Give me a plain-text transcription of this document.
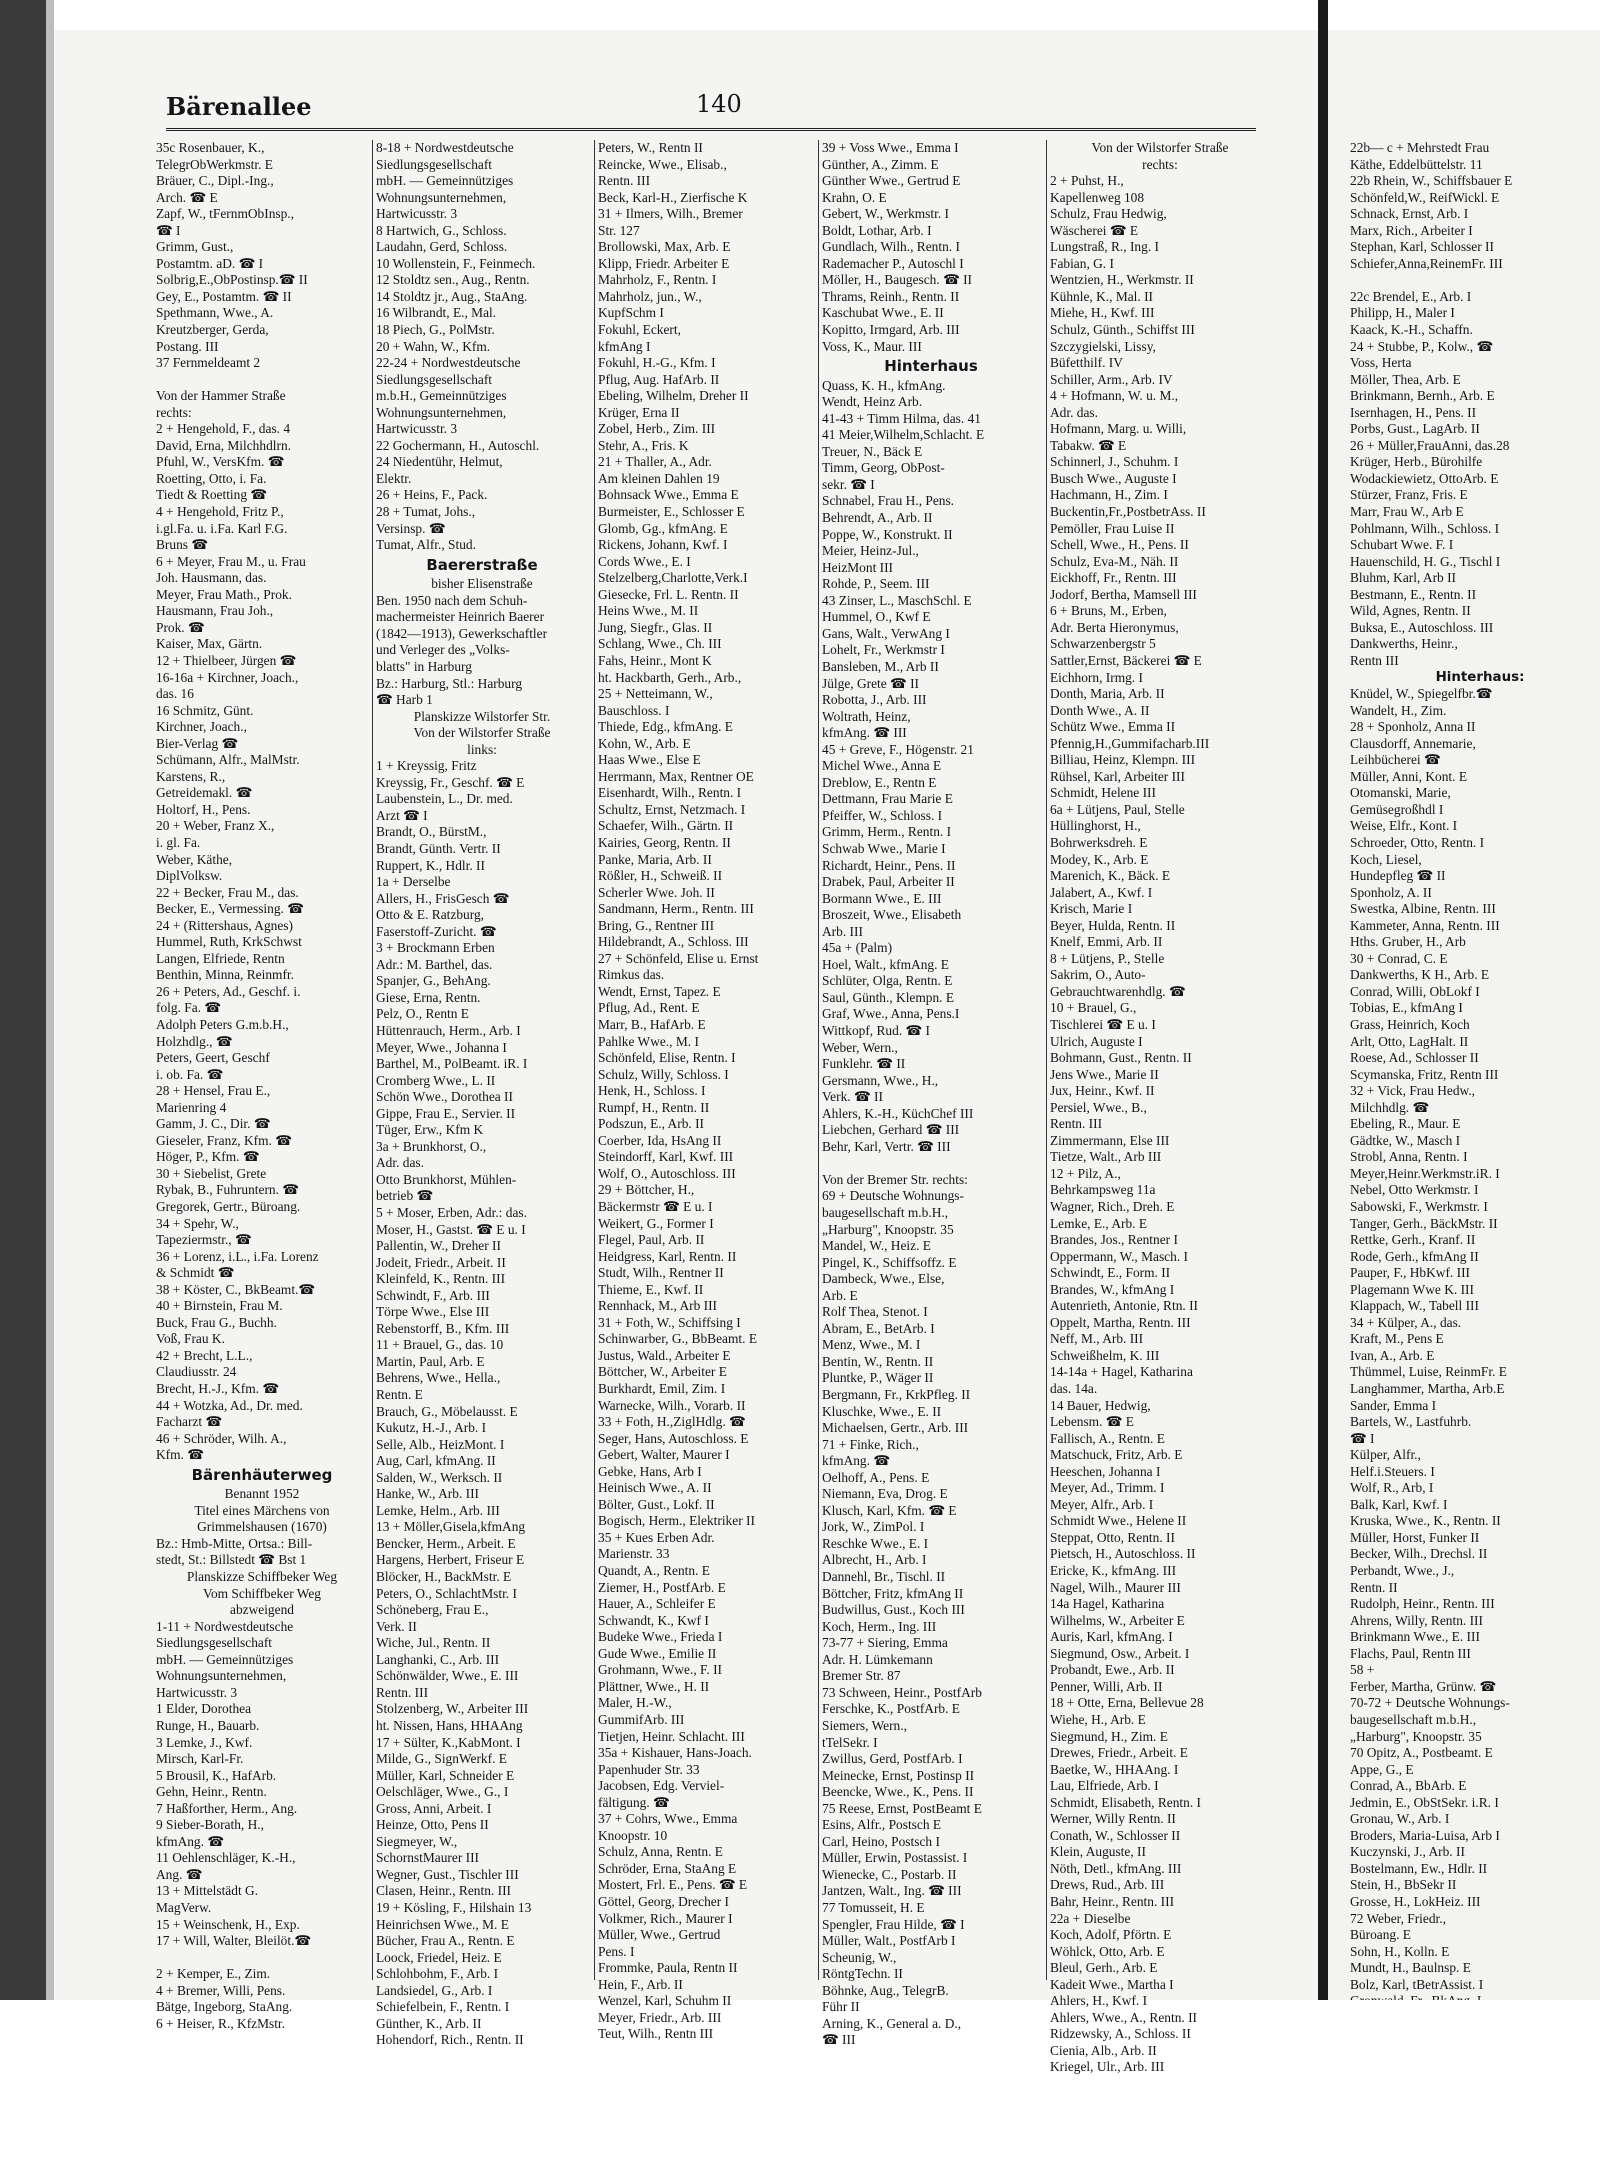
22b— c + Mehrstedt Frau
Käthe, Eddelbüttelstr. 11
22b Rhein, W., Schiffsbauer E
Schönfeld,W., ReifWickl. E
Schnack, Ernst, Arb. I
Marx, Rich., Arbeiter I
Stephan, Karl, Schlosser II
Schiefer,Anna,ReinemFr. III

22c Brendel, E., Arb. I
Philipp, H., Maler I
Kaack, K.-H., Schaffn.
24 + Stubbe, P., Kolw., ☎
Voss, Herta
Möller, Thea, Arb. E
Brinkmann, Bernh., Arb. E
Isernhagen, H., Pens. II
Porbs, Gust., LagArb. II
26 + Müller,FrauAnni, das.28
Krüger, Herb., Bürohilfe
Wodackiewietz, OttoArb. E
Stürzer, Franz, Fris. E
Marr, Frau W., Arb E
Pohlmann, Wilh., Schloss. I
Schubart Wwe. F. I
Hauenschild, H. G., Tischl I
Bluhm, Karl, Arb II
Bestmann, E., Rentn. II
Wild, Agnes, Rentn. II
Buksa, E., Autoschloss. III
Dankwerths, Heinr.,
Rentn III
Hinterhaus:
Knüdel, W., Spiegelfbr.☎
Wandelt, H., Zim.
28 + Sponholz, Anna II
Clausdorff, Annemarie,
Leihbücherei ☎
Müller, Anni, Kont. E
Otomanski, Marie,
Gemüsegroßhdl I
Weise, Elfr., Kont. I
Schroeder, Otto, Rentn. I
Koch, Liesel,
Hundepfleg ☎ II
Sponholz, A. II
Swestka, Albine, Rentn. III
Kammeter, Anna, Rentn. III
Hths. Gruber, H., Arb
30 + Conrad, C. E
Dankwerths, K H., Arb. E
Conrad, Willi, ObLokf I
Tobias, E., kfmAng I
Grass, Heinrich, Koch
Arlt, Otto, LagHalt. II
Roese, Ad., Schlosser II
Scymanska, Fritz, Rentn III
32 + Vick, Frau Hedw.,
Milchhdlg. ☎
Ebeling, R., Maur. E
Gädtke, W., Masch I
Strobl, Anna, Rentn. I
Meyer,Heinr.Werkmstr.iR. I
Nebel, Otto Werkmstr. I
Sabowski, F., Werkmstr. I
Tanger, Gerh., BäckMstr. II
Rettke, Gerh., Kranf. II
Rode, Gerh., kfmAng II
Pauper, F., HbKwf. III
Plagemann Wwe K. III
Klappach, W., Tabell III
34 + Külper, A., das.
Kraft, M., Pens E
Ivan, A., Arb. E
Thümmel, Luise, ReinmFr. E
Langhammer, Martha, Arb.E
Sander, Emma I
Bartels, W., Lastfuhrb.
☎ I
Külper, Alfr.,
Helf.i.Steuers. I
Wolf, R., Arb, I
Balk, Karl, Kwf. I
Kruska, Wwe., K., Rentn. II
Müller, Horst, Funker II
Becker, Wilh., Drechsl. II
Perbandt, Wwe., J.,
Rentn. II
Rudolph, Heinr., Rentn. III
Ahrens, Willy, Rentn. III
Brinkmann Wwe., E. III
Flachs, Paul, Rentn III
58 +
Ferber, Martha, Grünw. ☎
70-72 + Deutsche Wohnungs-
baugesellschaft m.b.H.,
„Harburg", Knoopstr. 35
70 Opitz, A., Postbeamt. E
Appe, G., E
Conrad, A., BbArb. E
Jedmin, E., ObStSekr. i.R. I
Gronau, W., Arb. I
Broders, Maria-Luisa, Arb I
Kuczynski, J., Arb. II
Bostelmann, Ew., Hdlr. II
Stein, H., BbSekr II
Grosse, H., LokHeiz. III
72 Weber, Friedr.,
Büroang. E
Sohn, H., Kolln. E
Mundt, H., Baulnsp. E
Bolz, Karl, tBetrAssist. I
Bärenallee	140
35c Rosenbauer, K.,
TelegrObWerkmstr. E
Bräuer, C., Dipl.-Ing.,
Arch. ☎ E
Zapf, W., tFernmObInsp.,
☎ I
Grimm, Gust.,
Postamtm. aD. ☎ I
Solbrig,E.,ObPostinsp.☎ II
Gey, E., Postamtm. ☎ II
Spethmann, Wwe., A.
Kreutzberger, Gerda,
Postang. III
37 Fernmeldeamt 2

Von der Hammer Straße
rechts:
2 + Hengehold, F., das. 4
David, Erna, Milchhdlrn.
Pfuhl, W., VersKfm. ☎
Roetting, Otto, i. Fa.
Tiedt & Roetting ☎
4 + Hengehold, Fritz P.,
i.gl.Fa. u. i.Fa. Karl F.G.
Bruns ☎
6 + Meyer, Frau M., u. Frau
Joh. Hausmann, das.
Meyer, Frau Math., Prok.
Hausmann, Frau Joh.,
Prok. ☎
Kaiser, Max, Gärtn.
12 + Thielbeer, Jürgen ☎
16-16a + Kirchner, Joach.,
das. 16
16 Schmitz, Günt.
Kirchner, Joach.,
Bier-Verlag ☎
Schümann, Alfr., MalMstr.
Karstens, R.,
Getreidemakl. ☎
Holtorf, H., Pens.
20 + Weber, Franz X.,
i. gl. Fa.
Weber, Käthe,
DiplVolksw.
22 + Becker, Frau M., das.
Becker, E., Vermessing. ☎
24 + (Rittershaus, Agnes)
Hummel, Ruth, KrkSchwst
Langen, Elfriede, Rentn
Benthin, Minna, Reinmfr.
26 + Peters, Ad., Geschf. i.
folg. Fa. ☎
Adolph Peters G.m.b.H.,
Holzhdlg., ☎
Peters, Geert, Geschf
i. ob. Fa. ☎
28 + Hensel, Frau E.,
Marienring 4
Gamm, J. C., Dir. ☎
Gieseler, Franz, Kfm. ☎
Höger, P., Kfm. ☎
30 + Siebelist, Grete
Rybak, B., Fuhruntern. ☎
Gregorek, Gertr., Büroang.
34 + Spehr, W.,
Tapeziermstr., ☎
36 + Lorenz, i.L., i.Fa. Lorenz
& Schmidt ☎
38 + Köster, C., BkBeamt.☎
40 + Birnstein, Frau M.
Buck, Frau G., Buchh.
Voß, Frau K.
42 + Brecht, L.L.,
Claudiusstr. 24
Brecht, H.-J., Kfm. ☎
44 + Wotzka, Ad., Dr. med.
Facharzt ☎
46 + Schröder, Wilh. A.,
Kfm. ☎
Bärenhäuterweg
Benannt 1952
Titel eines Märchens von
Grimmelshausen (1670)
Bz.: Hmb-Mitte, Ortsa.: Bill-
stedt, St.: Billstedt ☎ Bst 1
Planskizze Schiffbeker Weg
Vom Schiffbeker Weg
abzweigend
1-11 + Nordwestdeutsche
Siedlungsgesellschaft
mbH. — Gemeinnütziges
Wohnungsunternehmen,
Hartwicusstr. 3
1 Elder, Dorothea
Runge, H., Bauarb.
3 Lemke, J., Kwf.
Mirsch, Karl-Fr.
5 Brousil, K., HafArb.
Gehn, Heinr., Rentn.
7 Haßforther, Herm., Ang.
9 Sieber-Borath, H.,
kfmAng. ☎
11 Oehlenschläger, K.-H.,
Ang. ☎
13 + Mittelstädt G.
MagVerw.
15 + Weinschenk, H., Exp.
17 + Will, Walter, Bleilöt.☎

2 + Kemper, E., Zim.
4 + Bremer, Willi, Pens.
Bätge, Ingeborg, StaAng.
6 + Heiser, R., KfzMstr.
8-18 + Nordwestdeutsche
Siedlungsgesellschaft
mbH. — Gemeinnütziges
Wohnungsunternehmen,
Hartwicusstr. 3
8 Hartwich, G., Schloss.
Laudahn, Gerd, Schloss.
10 Wollenstein, F., Feinmech.
12 Stoldtz sen., Aug., Rentn.
14 Stoldtz jr., Aug., StaAng.
16 Wilbrandt, E., Mal.
18 Piech, G., PolMstr.
20 + Wahn, W., Kfm.
22-24 + Nordwestdeutsche
Siedlungsgesellschaft
m.b.H., Gemeinnütziges
Wohnungsunternehmen,
Hartwicusstr. 3
22 Gochermann, H., Autoschl.
24 Niedentühr, Helmut,
Elektr.
26 + Heins, F., Pack.
28 + Tumat, Johs.,
Versinsp. ☎
Tumat, Alfr., Stud.
Baererstraße
bisher Elisenstraße
Ben. 1950 nach dem Schuh-
machermeister Heinrich Baerer
(1842—1913), Gewerkschaftler
und Verleger des „Volks-
blatts" in Harburg
Bz.: Harburg, Stl.: Harburg
☎ Harb 1
Planskizze Wilstorfer Str.
Von der Wilstorfer Straße
links:
1 + Kreyssig, Fritz
Kreyssig, Fr., Geschf. ☎ E
Laubenstein, L., Dr. med.
Arzt ☎ I
Brandt, O., BürstM.,
Brandt, Günth. Vertr. II
Ruppert, K., Hdlr. II
1a + Derselbe
Allers, H., FrisGesch ☎
Otto & E. Ratzburg,
Faserstoff-Zuricht. ☎
3 + Brockmann Erben
Adr.: M. Barthel, das.
Spanjer, G., BehAng.
Giese, Erna, Rentn.
Pelz, O., Rentn E
Hüttenrauch, Herm., Arb. I
Meyer, Wwe., Johanna I
Barthel, M., PolBeamt. iR. I
Cromberg Wwe., L. II
Schön Wwe., Dorothea II
Gippe, Frau E., Servier. II
Tüger, Erw., Kfm K
3a + Brunkhorst, O.,
Adr. das.
Otto Brunkhorst, Mühlen-
betrieb ☎
5 + Moser, Erben, Adr.: das.
Moser, H., Gastst. ☎ E u. I
Pallentin, W., Dreher II
Jodeit, Friedr., Arbeit. II
Kleinfeld, K., Rentn. III
Schwindt, F., Arb. III
Törpe Wwe., Else III
Rebenstorff, B., Kfm. III
11 + Brauel, G., das. 10
Martin, Paul, Arb. E
Behrens, Wwe., Hella.,
Rentn. E
Brauch, G., Möbelausst. E
Kukutz, H.-J., Arb. I
Selle, Alb., HeizMont. I
Aug, Carl, kfmAng. II
Salden, W., Werksch. II
Hanke, W., Arb. III
Lemke, Helm., Arb. III
13 + Möller,Gisela,kfmAng
Bencker, Herm., Arbeit. E
Hargens, Herbert, Friseur E
Blöcker, H., BackMstr. E
Peters, O., SchlachtMstr. I
Schöneberg, Frau E.,
Verk. II
Wiche, Jul., Rentn. II
Langhanki, C., Arb. III
Schönwälder, Wwe., E. III
Rentn. III
Stolzenberg, W., Arbeiter III
ht. Nissen, Hans, HHAAng
17 + Sülter, K.,KabMont. I
Milde, G., SignWerkf. E
Müller, Karl, Schneider E
Oelschläger, Wwe., G., I
Gross, Anni, Arbeit. I
Heinze, Otto, Pens II
Siegmeyer, W.,
SchornstMaurer III
Wegner, Gust., Tischler III
Clasen, Heinr., Rentn. III
19 + Kösling, F., Hilshain 13
Heinrichsen Wwe., M. E
Bücher, Frau A., Rentn. E
Loock, Friedel, Heiz. E
Schlohbohm, F., Arb. I
Landsiedel, G., Arb. I
Schiefelbein, F., Rentn. I
Günther, K., Arb. II
Hohendorf, Rich., Rentn. II
Peters, W., Rentn II
Reincke, Wwe., Elisab.,
Rentn. III
Beck, Karl-H., Zierfische K
31 + Ilmers, Wilh., Bremer
Str. 127
Brollowski, Max, Arb. E
Klipp, Friedr. Arbeiter E
Mahrholz, F., Rentn. I
Mahrholz, jun., W.,
KupfSchm I
Fokuhl, Eckert,
kfmAng I
Fokuhl, H.-G., Kfm. I
Pflug, Aug. HafArb. II
Ebeling, Wilhelm, Dreher II
Krüger, Erna II
Zobel, Herb., Zim. III
Stehr, A., Fris. K
21 + Thaller, A., Adr.
Am kleinen Dahlen 19
Bohnsack Wwe., Emma E
Burmeister, E., Schlosser E
Glomb, Gg., kfmAng. E
Rickens, Johann, Kwf. I
Cords Wwe., E. I
Stelzelberg,Charlotte,Verk.I
Giesecke, Frl. L. Rentn. II
Heins Wwe., M. II
Jung, Siegfr., Glas. II
Schlang, Wwe., Ch. III
Fahs, Heinr., Mont K
ht. Hackbarth, Gerh., Arb.,
25 + Netteimann, W.,
Bauschloss. I
Thiede, Edg., kfmAng. E
Kohn, W., Arb. E
Haas Wwe., Else E
Herrmann, Max, Rentner OE
Eisenhardt, Wilh., Rentn. I
Schultz, Ernst, Netzmach. I
Schaefer, Wilh., Gärtn. II
Kairies, Georg, Rentn. II
Panke, Maria, Arb. II
Rößler, H., Schweiß. II
Scherler Wwe. Joh. II
Sandmann, Herm., Rentn. III
Bring, G., Rentner III
Hildebrandt, A., Schloss. III
27 + Schönfeld, Elise u. Ernst
Rimkus das.
Wendt, Ernst, Tapez. E
Pflug, Ad., Rent. E
Marr, B., HafArb. E
Pahlke Wwe., M. I
Schönfeld, Elise, Rentn. I
Schulz, Willy, Schloss. I
Henk, H., Schloss. I
Rumpf, H., Rentn. II
Podszun, E., Arb. II
Coerber, Ida, HsAng II
Steindorff, Karl, Kwf. III
Wolf, O., Autoschloss. III
29 + Böttcher, H.,
Bäckermstr ☎ E u. I
Weikert, G., Former I
Flegel, Paul, Arb. II
Heidgress, Karl, Rentn. II
Studt, Wilh., Rentner II
Thieme, E., Kwf. II
Rennhack, M., Arb III
31 + Foth, W., Schiffsing I
Schinwarber, G., BbBeamt. E
Justus, Wald., Arbeiter E
Böttcher, W., Arbeiter E
Burkhardt, Emil, Zim. I
Warnecke, Wilh., Vorarb. II
33 + Foth, H.,ZiglHdlg. ☎
Seger, Hans, Autoschloss. E
Gebert, Walter, Maurer I
Gebke, Hans, Arb I
Heinisch Wwe., A. II
Bölter, Gust., Lokf. II
Bogisch, Herm., Elektriker II
35 + Kues Erben Adr.
Marienstr. 33
Quandt, A., Rentn. E
Ziemer, H., PostfArb. E
Hauer, A., Schleifer E
Schwandt, K., Kwf I
Budeke Wwe., Frieda I
Gude Wwe., Emilie II
Grohmann, Wwe., F. II
Plättner, Wwe., H. II
Maler, H.-W.,
GummifArb. III
Tietjen, Heinr. Schlacht. III
35a + Kishauer, Hans-Joach.
Papenhuder Str. 33
Jacobsen, Edg. Verviel-
fältigung. ☎
37 + Cohrs, Wwe., Emma
Knoopstr. 10
Schulz, Anna, Rentn. E
Schröder, Erna, StaAng E
Mostert, Frl. E., Pens. ☎ E
Göttel, Georg, Drecher I
Volkmer, Rich., Maurer I
Müller, Wwe., Gertrud
Pens. I
Frommke, Paula, Rentn II
Hein, F., Arb. II
Wenzel, Karl, Schuhm II
Meyer, Friedr., Arb. III
Teut, Wilh., Rentn III
39 + Voss Wwe., Emma I
Günther, A., Zimm. E
Günther Wwe., Gertrud E
Krahn, O. E
Gebert, W., Werkmstr. I
Boldt, Lothar, Arb. I
Gundlach, Wilh., Rentn. I
Rademacher P., Autoschl I
Möller, H., Baugesch. ☎ II
Thrams, Reinh., Rentn. II
Kaschubat Wwe., E. II
Kopitto, Irmgard, Arb. III
Voss, K., Maur. III
Hinterhaus
Quass, K. H., kfmAng.
Wendt, Heinz Arb.
41-43 + Timm Hilma, das. 41
41 Meier,Wilhelm,Schlacht. E
Treuer, N., Bäck E
Timm, Georg, ObPost-
sekr. ☎ I
Schnabel, Frau H., Pens.
Behrendt, A., Arb. II
Poppe, W., Konstrukt. II
Meier, Heinz-Jul.,
HeizMont III
Rohde, P., Seem. III
43 Zinser, L., MaschSchl. E
Hummel, O., Kwf E
Gans, Walt., VerwAng I
Lohelt, Fr., Werkmstr I
Bansleben, M., Arb II
Jülge, Grete ☎ II
Robotta, J., Arb. III
Woltrath, Heinz,
kfmAng. ☎ III
45 + Greve, F., Högenstr. 21
Michel Wwe., Anna E
Dreblow, E., Rentn E
Dettmann, Frau Marie E
Pfeiffer, W., Schloss. I
Grimm, Herm., Rentn. I
Schwab Wwe., Marie I
Richardt, Heinr., Pens. II
Drabek, Paul, Arbeiter II
Bormann Wwe., E. III
Broszeit, Wwe., Elisabeth
Arb. III
45a + (Palm)
Hoel, Walt., kfmAng. E
Schlüter, Olga, Rentn. E
Saul, Günth., Klempn. E
Graf, Wwe., Anna, Pens.I
Wittkopf, Rud. ☎ I
Weber, Wern.,
Funklehr. ☎ II
Gersmann, Wwe., H.,
Verk. ☎ II
Ahlers, K.-H., KüchChef III
Liebchen, Gerhard ☎ III
Behr, Karl, Vertr. ☎ III

Von der Bremer Str. rechts:
69 + Deutsche Wohnungs-
baugesellschaft m.b.H.,
„Harburg", Knoopstr. 35
Mandel, W., Heiz. E
Pingel, K., Schiffsoffz. E
Dambeck, Wwe., Else,
Arb. E
Rolf Thea, Stenot. I
Abram, E., BetArb. I
Menz, Wwe., M. I
Bentin, W., Rentn. II
Pluntke, P., Wäger II
Bergmann, Fr., KrkPfleg. II
Kluschke, Wwe., E. II
Michaelsen, Gertr., Arb. III
71 + Finke, Rich.,
kfmAng. ☎
Oelhoff, A., Pens. E
Niemann, Eva, Drog. E
Klusch, Karl, Kfm. ☎ E
Jork, W., ZimPol. I
Reschke Wwe., E. I
Albrecht, H., Arb. I
Dannehl, Br., Tischl. II
Böttcher, Fritz, kfmAng II
Budwillus, Gust., Koch III
Koch, Herm., Ing. III
73-77 + Siering, Emma
Adr. H. Lümkemann
Bremer Str. 87
73 Schween, Heinr., PostfArb
Ferschke, K., PostfArb. E
Siemers, Wern.,
tTelSekr. I
Zwillus, Gerd, PostfArb. I
Meinecke, Ernst, Postinsp II
Beencke, Wwe., K., Pens. II
75 Reese, Ernst, PostBeamt E
Esins, Alfr., Postsch E
Carl, Heino, Postsch I
Müller, Erwin, Postassist. I
Wienecke, C., Postarb. II
Jantzen, Walt., Ing. ☎ III
77 Tomusseit, H. E
Spengler, Frau Hilde, ☎ I
Müller, Walt., PostfArb I
Scheunig, W.,
RöntgTechn. II
Böhnke, Aug., TelegrB.
Führ II
Arning, K., General a. D.,
☎ III
Von der Wilstorfer Straße
rechts:
2 + Puhst, H.,
Kapellenweg 108
Schulz, Frau Hedwig,
Wäscherei ☎ E
Lungstraß, R., Ing. I
Fabian, G. I
Wentzien, H., Werkmstr. II
Kühnle, K., Mal. II
Miehe, H., Kwf. III
Schulz, Günth., Schiffst III
Szczygielski, Lissy,
Büfetthilf. IV
Schiller, Arm., Arb. IV
4 + Hofmann, W. u. M.,
Adr. das.
Hofmann, Marg. u. Willi,
Tabakw. ☎ E
Schinnerl, J., Schuhm. I
Busch Wwe., Auguste I
Hachmann, H., Zim. I
Buckentin,Fr.,PostbetrAss. II
Pemöller, Frau Luise II
Schell, Wwe., H., Pens. II
Schulz, Eva-M., Näh. II
Eickhoff, Fr., Rentn. III
Jodorf, Bertha, Mamsell III
6 + Bruns, M., Erben,
Adr. Berta Hieronymus,
Schwarzenbergstr 5
Sattler,Ernst, Bäckerei ☎ E
Eichhorn, Irmg. I
Donth, Maria, Arb. II
Donth Wwe., A. II
Schütz Wwe., Emma II
Pfennig,H.,Gummifacharb.III
Billiau, Heinz, Klempn. III
Rühsel, Karl, Arbeiter III
Schmidt, Helene III
6a + Lütjens, Paul, Stelle
Hüllinghorst, H.,
Bohrwerksdreh. E
Modey, K., Arb. E
Marenich, K., Bäck. E
Jalabert, A., Kwf. I
Krisch, Marie I
Beyer, Hulda, Rentn. II
Knelf, Emmi, Arb. II
8 + Lütjens, P., Stelle
Sakrim, O., Auto-
Gebrauchtwarenhdlg. ☎
10 + Brauel, G.,
Tischlerei ☎ E u. I
Ulrich, Auguste I
Bohmann, Gust., Rentn. II
Jens Wwe., Marie II
Jux, Heinr., Kwf. II
Persiel, Wwe., B.,
Rentn. III
Zimmermann, Else III
Tietze, Walt., Arb III
12 + Pilz, A.,
Behrkampsweg 11a
Wagner, Rich., Dreh. E
Lemke, E., Arb. E
Brandes, Jos., Rentner I
Oppermann, W., Masch. I
Schwindt, E., Form. II
Brandes, W., kfmAng I
Autenrieth, Antonie, Rtn. II
Oppelt, Martha, Rentn. III
Neff, M., Arb. III
Schweißhelm, K. III
14-14a + Hagel, Katharina
das. 14a.
14 Bauer, Hedwig,
Lebensm. ☎ E
Fallisch, A., Rentn. E
Matschuck, Fritz, Arb. E
Heeschen, Johanna I
Meyer, Ad., Trimm. I
Meyer, Alfr., Arb. I
Schmidt Wwe., Helene II
Steppat, Otto, Rentn. II
Pietsch, H., Autoschloss. II
Ericke, K., kfmAng. III
Nagel, Wilh., Maurer III
14a Hagel, Katharina
Wilhelms, W., Arbeiter E
Auris, Karl, kfmAng. I
Siegmund, Osw., Arbeit. I
Probandt, Ewe., Arb. II
Penner, Willi, Arb. II
18 + Otte, Erna, Bellevue 28
Wiehe, H., Arb. E
Siegmund, H., Zim. E
Drewes, Friedr., Arbeit. E
Baetke, W., HHAAng. I
Lau, Elfriede, Arb. I
Schmidt, Elisabeth, Rentn. I
Werner, Willy Rentn. II
Conath, W., Schlosser II
Klein, Auguste, II
Nöth, Detl., kfmAng. III
Drews, Rud., Arb. III
Bahr, Heinr., Rentn. III
22a + Dieselbe
Koch, Adolf, Pförtn. E
Wöhlck, Otto, Arb. E
Bleul, Gerh., Arb. E
Kadeit Wwe., Martha I
Ahlers, H., Kwf. I
Ahlers, Wwe., A., Rentn. II
Ridzewsky, A., Schloss. II
Cienia, Alb., Arb. II
Kriegel, Ulr., Arb. III
